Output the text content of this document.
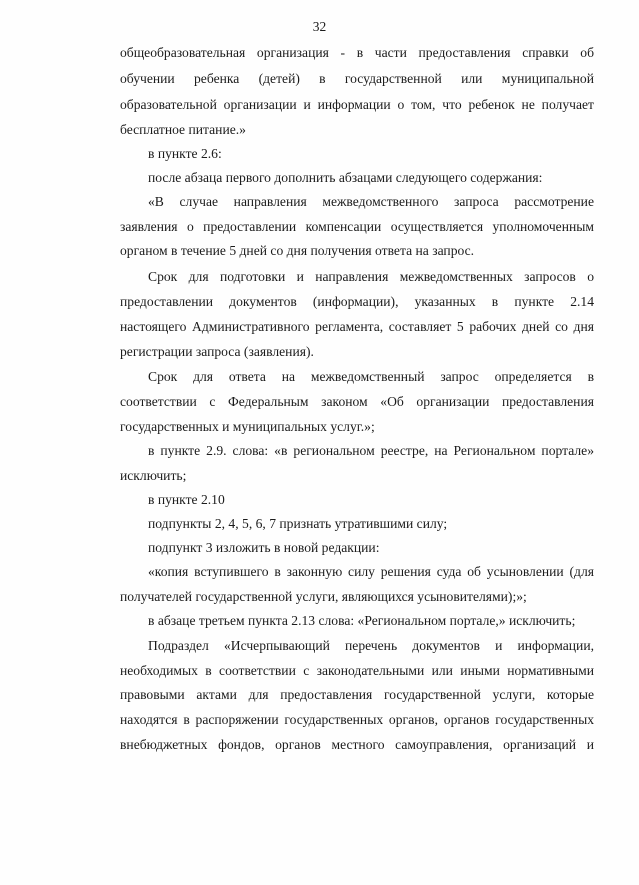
32
общеобразовательная организация - в части предоставления справки об
обучении ребенка (детей) в государственной или муниципальной
образовательной организации и информации о том, что ребенок не получает
бесплатное питание.»
в пункте 2.6:
после абзаца первого дополнить абзацами следующего содержания:
«В случае направления межведомственного запроса рассмотрение
заявления о предоставлении компенсации осуществляется уполномоченным
органом в течение 5 дней со дня получения ответа на запрос.
Срок для подготовки и направления межведомственных запросов о
предоставлении документов (информации), указанных в пункте 2.14
настоящего Административного регламента, составляет 5 рабочих дней со дня
регистрации запроса (заявления).
Срок для ответа на межведомственный запрос определяется в
соответствии с Федеральным законом «Об организации предоставления
государственных и муниципальных услуг.»;
в пункте 2.9. слова: «в региональном реестре, на Региональном портале»
исключить;
в пункте 2.10
подпункты 2, 4, 5, 6, 7 признать утратившими силу;
подпункт 3 изложить в новой редакции:
«копия вступившего в законную силу решения суда об усыновлении (для
получателей государственной услуги, являющихся усыновителями);»;
в абзаце третьем пункта 2.13 слова: «Региональном портале,» исключить;
Подраздел «Исчерпывающий перечень документов и информации,
необходимых в соответствии с законодательными или иными нормативными
правовыми актами для предоставления государственной услуги, которые
находятся в распоряжении государственных органов, органов государственных
внебюджетных фондов, органов местного самоуправления, организаций и
